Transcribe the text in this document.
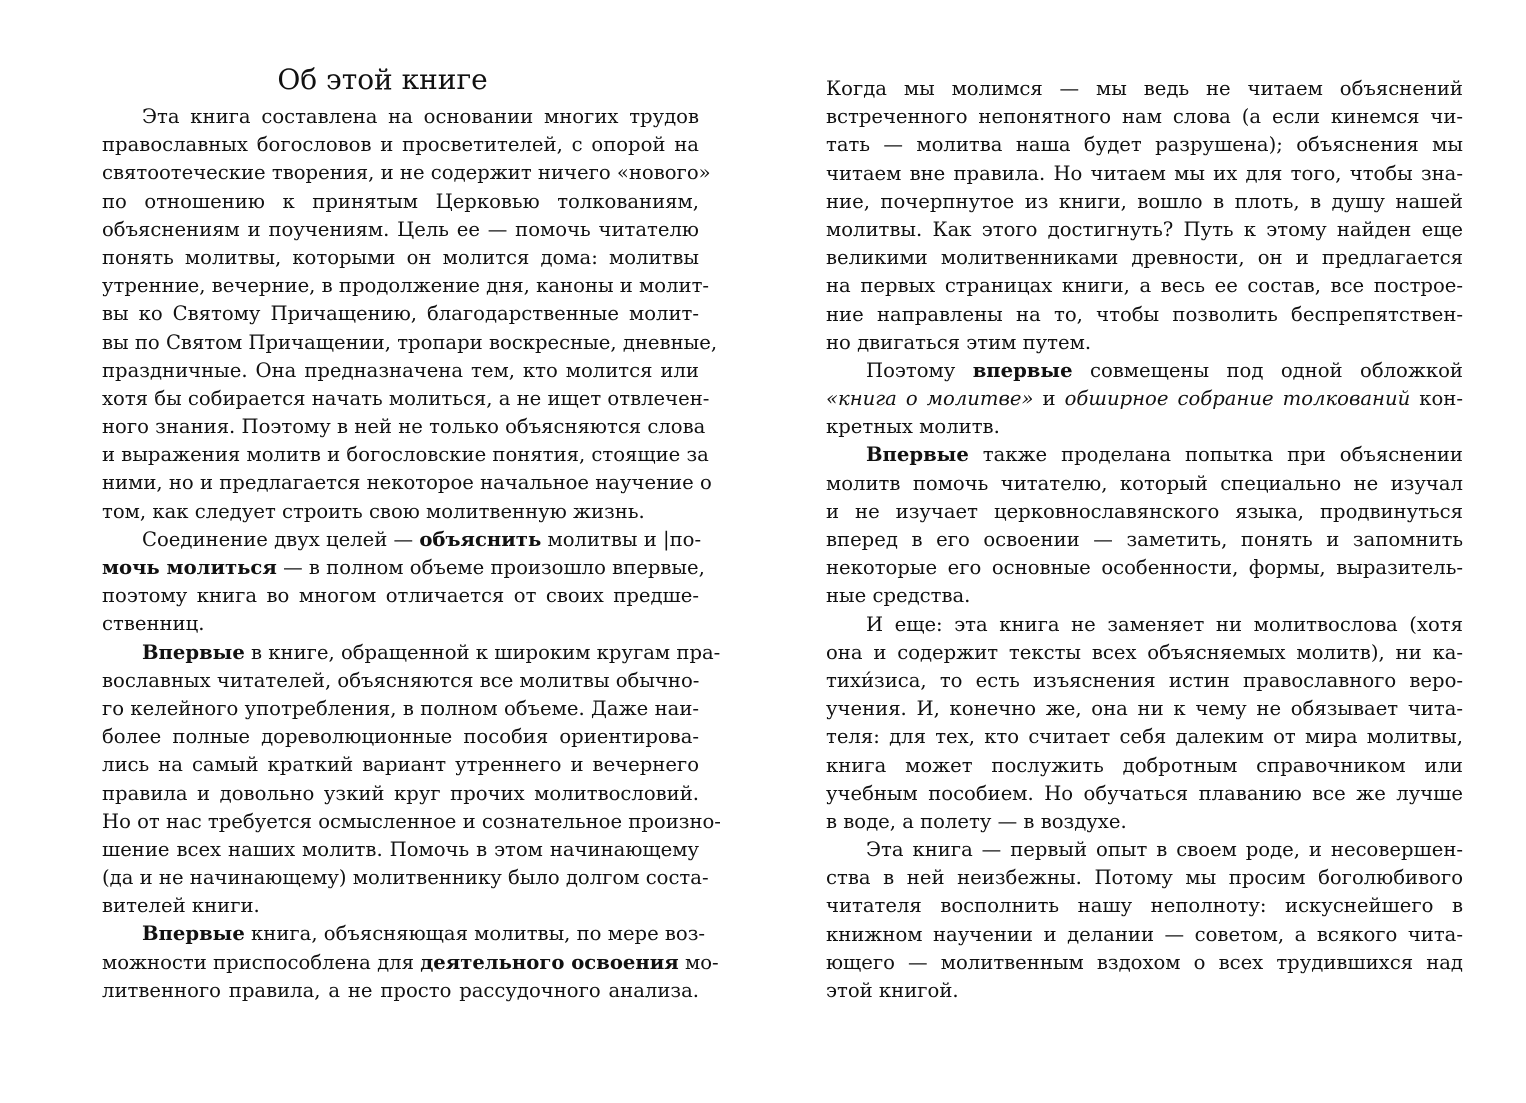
Об этой книге
Эта книга составлена на основании многих трудов
православных богословов и просветителей, с опорой на
святоотеческие творения, и не содержит ничего «нового»
по отношению к принятым Церковью толкованиям,
объяснениям и поучениям. Цель ее — помочь читателю
понять молитвы, которыми он молится дома: молитвы
утренние, вечерние, в продолжение дня, каноны и молит-
вы ко Святому Причащению, благодарственные молит-
вы по Святом Причащении, тропари воскресные, дневные,
праздничные. Она предназначена тем, кто молится или
хотя бы собирается начать молиться, а не ищет отвлечен-
ного знания. Поэтому в ней не только объясняются слова
и выражения молитв и богословские понятия, стоящие за
ними, но и предлагается некоторое начальное научение о
том, как следует строить свою молитвенную жизнь.
Соединение двух целей — объяснить молитвы и |по-
мочь молиться — в полном объеме произошло впервые,
поэтому книга во многом отличается от своих предше-
ственниц.
Впервые в книге, обращенной к широким кругам пра-
вославных читателей, объясняются все молитвы обычно-
го келейного употребления, в полном объеме. Даже наи-
более полные дореволюционные пособия ориентирова-
лись на самый краткий вариант утреннего и вечернего
правила и довольно узкий круг прочих молитвословий.
Но от нас требуется осмысленное и сознательное произно-
шение всех наших молитв. Помочь в этом начинающему
(да и не начинающему) молитвеннику было долгом соста-
вителей книги.
Впервые книга, объясняющая молитвы, по мере воз-
можности приспособлена для деятельного освоения мо-
литвенного правила, а не просто рассудочного анализа.
Когда мы молимся — мы ведь не читаем объяснений
встреченного непонятного нам слова (а если кинемся чи-
тать — молитва наша будет разрушена); объяснения мы
читаем вне правила. Но читаем мы их для того, чтобы зна-
ние, почерпнутое из книги, вошло в плоть, в душу нашей
молитвы. Как этого достигнуть? Путь к этому найден еще
великими молитвенниками древности, он и предлагается
на первых страницах книги, а весь ее состав, все построе-
ние направлены на то, чтобы позволить беспрепятствен-
но двигаться этим путем.
Поэтому впервые совмещены под одной обложкой
«книга о молитве» и обширное собрание толкований кон-
кретных молитв.
Впервые также проделана попытка при объяснении
молитв помочь читателю, который специально не изучал
и не изучает церковнославянского языка, продвинуться
вперед в его освоении — заметить, понять и запомнить
некоторые его основные особенности, формы, выразитель-
ные средства.
И еще: эта книга не заменяет ни молитвослова (хотя
она и содержит тексты всех объясняемых молитв), ни ка-
тихи́зиса, то есть изъяснения истин православного веро-
учения. И, конечно же, она ни к чему не обязывает чита-
теля: для тех, кто считает себя далеким от мира молитвы,
книга может послужить добротным справочником или
учебным пособием. Но обучаться плаванию все же лучше
в воде, а полету — в воздухе.
Эта книга — первый опыт в своем роде, и несовершен-
ства в ней неизбежны. Потому мы просим боголюбивого
читателя восполнить нашу неполноту: искуснейшего в
книжном научении и делании — советом, а всякого чита-
ющего — молитвенным вздохом о всех трудившихся над
этой книгой.
